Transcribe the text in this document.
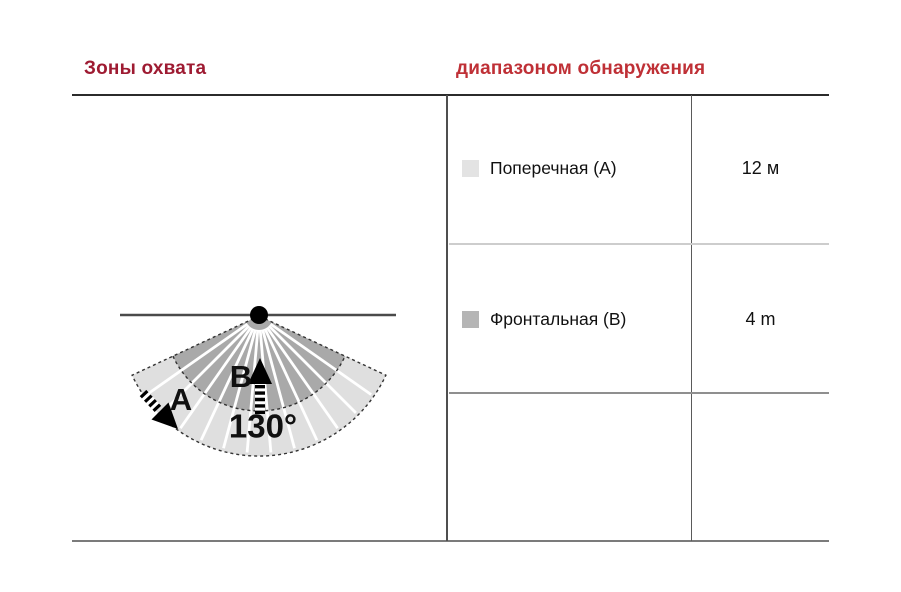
Зоны охвата	диапазоном обнаружения
Поперечная (А)	12 м
Фронтальная (В)	4 m
A
B
130°
